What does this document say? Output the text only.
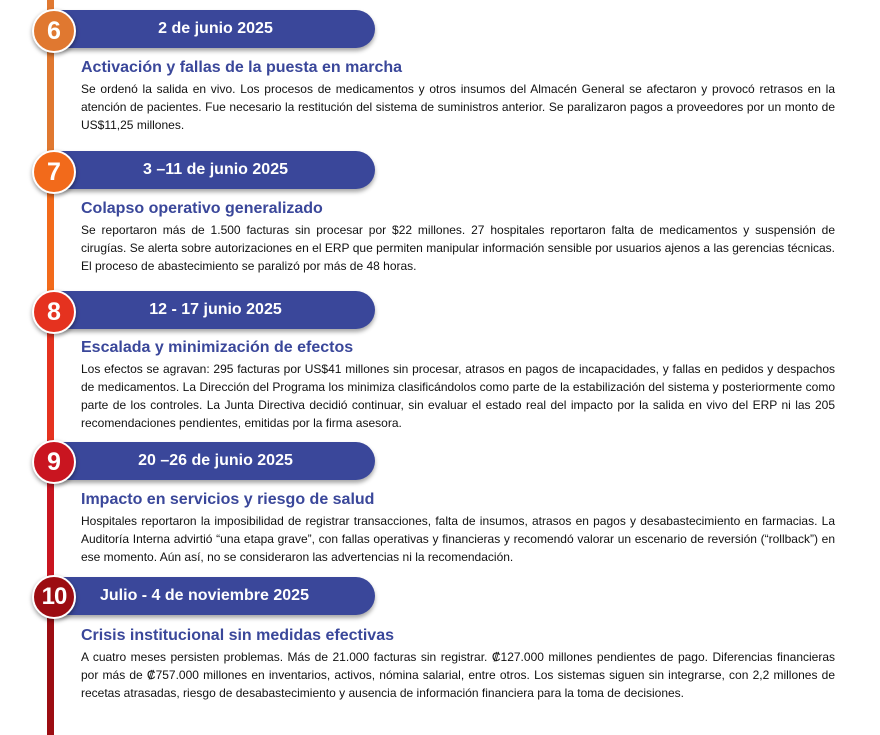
2 de junio 2025
6
Activación y fallas de la puesta en marcha
Se ordenó la salida en vivo. Los procesos de medicamentos y otros insumos del Almacén General se afectaron y provocó retrasos en la atención de pacientes. Fue necesario la restitución del sistema de suministros anterior. Se paralizaron pagos a proveedores por un monto de US$11,25 millones.
3 –11 de junio 2025
7
Colapso operativo generalizado
Se reportaron más de 1.500 facturas sin procesar por $22 millones. 27 hospitales reportaron falta de medicamentos y suspensión de cirugías. Se alerta sobre autorizaciones en el ERP que permiten manipular información sensible por usuarios ajenos a las gerencias técnicas. El proceso de abastecimiento se paralizó por más de 48 horas.
12 - 17 junio 2025
8
Escalada y minimización de efectos
Los efectos se agravan: 295 facturas por US$41 millones sin procesar, atrasos en pagos de incapacidades, y fallas en pedidos y despachos de medicamentos. La Dirección del Programa los minimiza clasificándolos como parte de la estabilización del sistema y posteriormente como parte de los controles. La Junta Directiva decidió continuar, sin evaluar el estado real del impacto por la salida en vivo del ERP ni las 205 recomendaciones pendientes, emitidas por la firma asesora.
20 –26 de junio 2025
9
Impacto en servicios y riesgo de salud
Hospitales reportaron la imposibilidad de registrar transacciones, falta de insumos, atrasos en pagos y desabastecimiento en farmacias. La Auditoría Interna advirtió “una etapa grave”, con fallas operativas y financieras y recomendó valorar un escenario de reversión (“rollback”) en ese momento. Aún así, no se consideraron las advertencias ni la recomendación.
Julio - 4 de noviembre 2025
10
Crisis institucional sin medidas efectivas
A cuatro meses persisten problemas. Más de 21.000 facturas sin registrar. ₡127.000 millones pendientes de pago. Diferencias financieras por más de ₡757.000 millones en inventarios, activos, nómina salarial, entre otros. Los sistemas siguen sin integrarse, con 2,2 millones de recetas atrasadas, riesgo de desabastecimiento y ausencia de información financiera para la toma de decisiones.
